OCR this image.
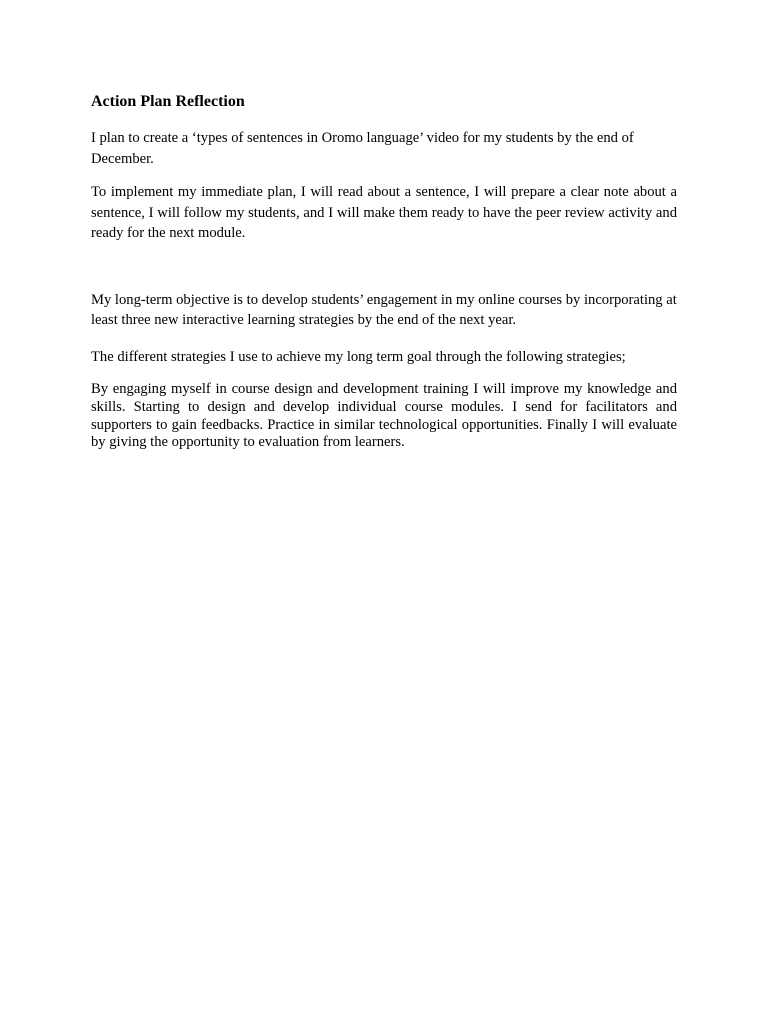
Action Plan Reflection

I plan to create a ‘types of sentences in Oromo language’ video for my students by the end of December.

To implement my immediate plan, I will read about a sentence, I will prepare a clear note about a sentence, I will follow my students, and I will make them ready to have the peer review activity and ready for the next module.

My long-term objective is to develop students’ engagement in my online courses by incorporating at least three new interactive learning strategies by the end of the next year.

The different strategies I use to achieve my long term goal through the following strategies;

By engaging myself in course design and development training I will improve my knowledge and skills. Starting to design and develop individual course modules. I send for facilitators and supporters to gain feedbacks. Practice in similar technological opportunities. Finally I will evaluate by giving the opportunity to evaluation from learners.
